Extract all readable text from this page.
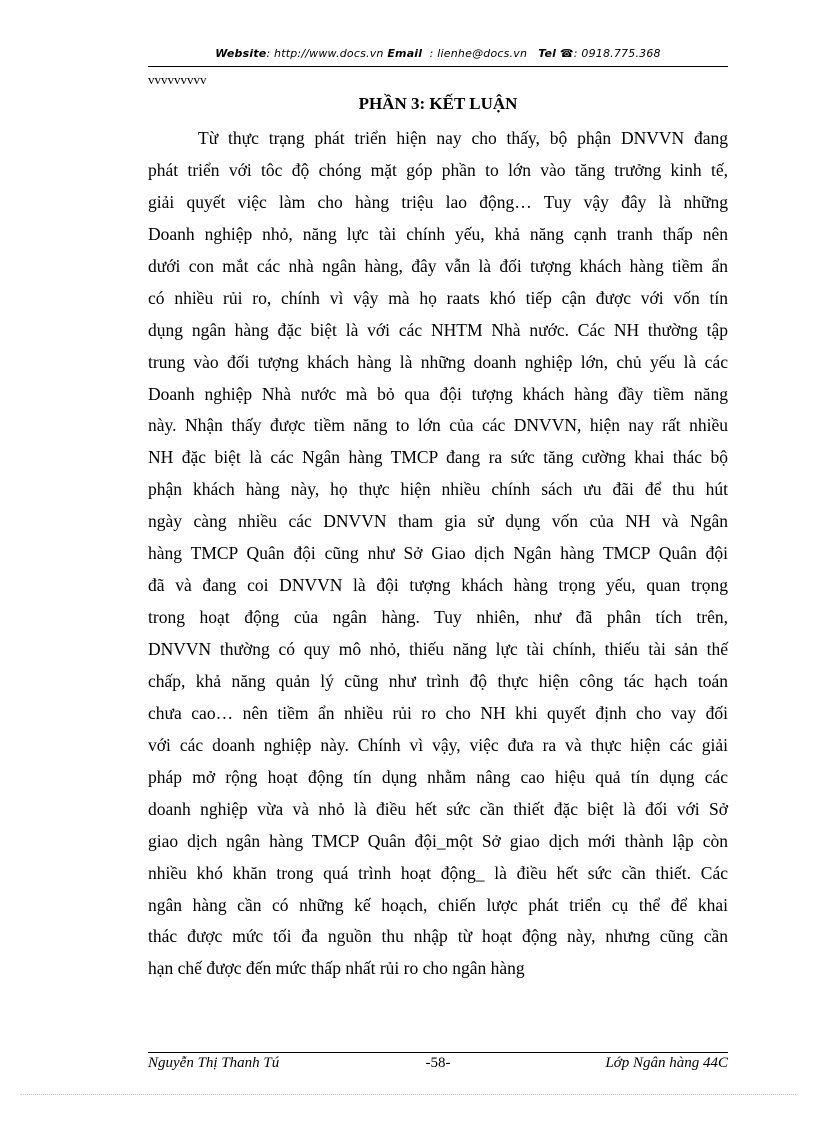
Website: http://www.docs.vn Email : lienhe@docs.vn Tel ☎: 0918.775.368
vvvvvvvvv
PHẦN 3: KẾT LUẬN
Từ thực trạng phát triển hiện nay cho thấy, bộ phận DNVVN đang
phát triển với tôc độ chóng mặt góp phần to lớn vào tăng trưởng kinh tế,
giải quyết việc làm cho hàng triệu lao động… Tuy vậy đây là những
Doanh nghiệp nhỏ, năng lực tài chính yếu, khả năng cạnh tranh thấp nên
dưới con mắt các nhà ngân hàng, đây vẫn là đối tượng khách hàng tiềm ẩn
có nhiều rủi ro, chính vì vậy mà họ raats khó tiếp cận được với vốn tín
dụng ngân hàng đặc biệt là với các NHTM Nhà nước. Các NH thường tập
trung vào đối tượng khách hàng là những doanh nghiệp lớn, chủ yếu là các
Doanh nghiệp Nhà nước mà bỏ qua đội tượng khách hàng đầy tiềm năng
này. Nhận thấy được tiềm năng to lớn của các DNVVN, hiện nay rất nhiều
NH đặc biệt là các Ngân hàng TMCP đang ra sức tăng cường khai thác bộ
phận khách hàng này, họ thực hiện nhiều chính sách ưu đãi để thu hút
ngày càng nhiều các DNVVN tham gia sử dụng vốn của NH và Ngân
hàng TMCP Quân đội cũng như Sở Giao dịch Ngân hàng TMCP Quân đội
đã và đang coi DNVVN là đội tượng khách hàng trọng yếu, quan trọng
trong hoạt động của ngân hàng. Tuy nhiên, như đã phân tích trên,
DNVVN thường có quy mô nhỏ, thiếu năng lực tài chính, thiếu tài sản thế
chấp, khả năng quản lý cũng như trình độ thực hiện công tác hạch toán
chưa cao… nên tiềm ẩn nhiều rủi ro cho NH khi quyết định cho vay đối
với các doanh nghiệp này. Chính vì vậy, việc đưa ra và thực hiện các giải
pháp mở rộng hoạt động tín dụng nhằm nâng cao hiệu quả tín dụng các
doanh nghiệp vừa và nhỏ là điều hết sức cần thiết đặc biệt là đối với Sở
giao dịch ngân hàng TMCP Quân đội_một Sở giao dịch mới thành lập còn
nhiều khó khăn trong quá trình hoạt động_ là điều hết sức cần thiết. Các
ngân hàng cần có những kế hoạch, chiến lược phát triển cụ thể để khai
thác được mức tối đa nguồn thu nhập từ hoạt động này, nhưng cũng cần
hạn chế được đến mức thấp nhất rủi ro cho ngân hàng
Nguyễn Thị Thanh Tú	-58-	Lớp Ngân hàng 44C
